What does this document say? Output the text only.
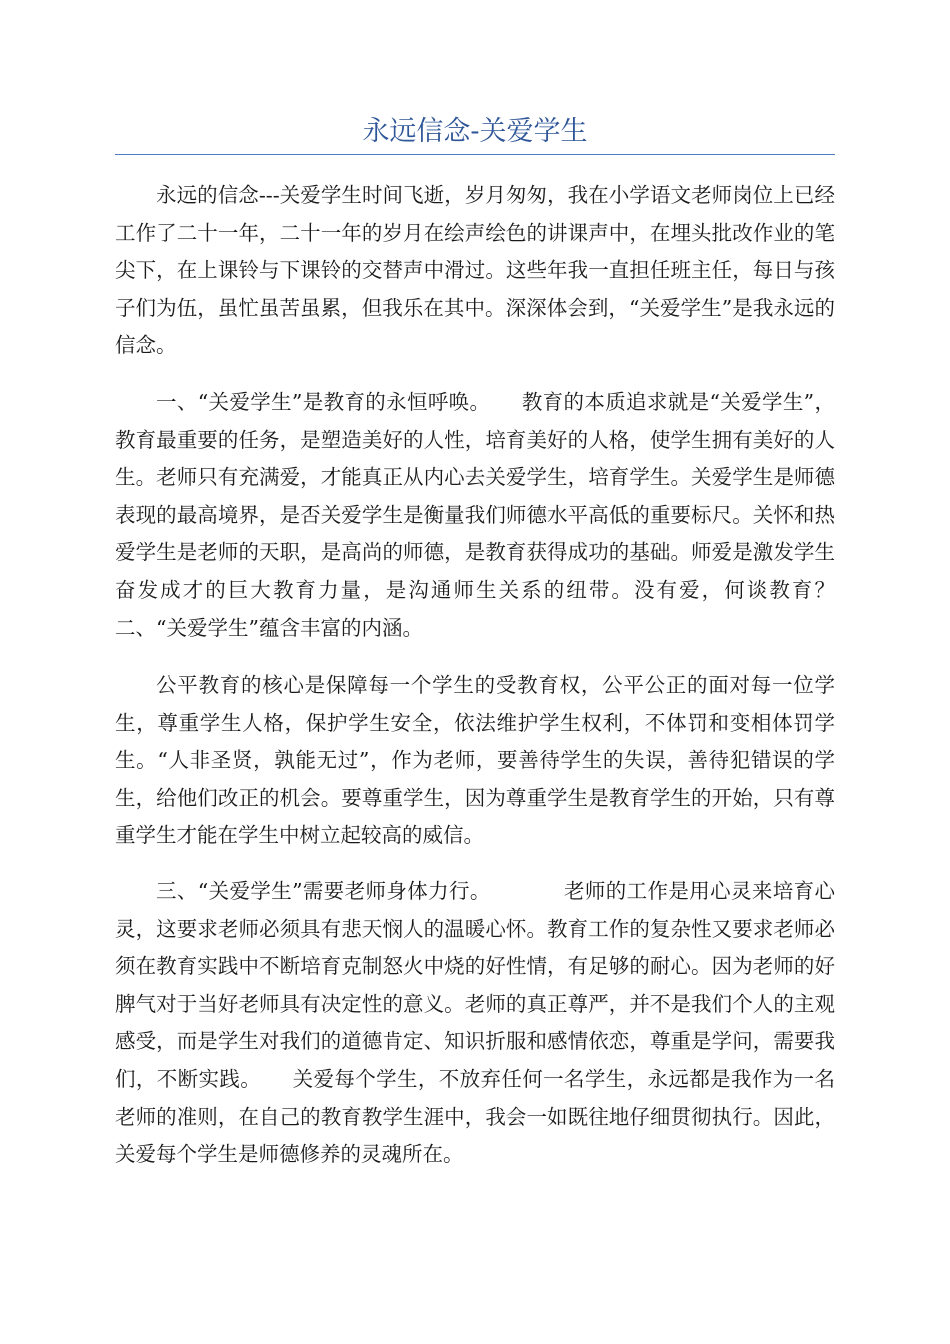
永远信念-关爱学生

永远的信念---关爱学生时间飞逝，岁月匆匆，我在小学语文老师岗位上已经工作了二十一年，二十一年的岁月在绘声绘色的讲课声中，在埋头批改作业的笔尖下，在上课铃与下课铃的交替声中滑过。这些年我一直担任班主任，每日与孩子们为伍，虽忙虽苦虽累，但我乐在其中。深深体会到，“关爱学生”是我永远的信念。

一、“关爱学生”是教育的永恒呼唤。　　教育的本质追求就是“关爱学生”，教育最重要的任务，是塑造美好的人性，培育美好的人格，使学生拥有美好的人生。老师只有充满爱，才能真正从内心去关爱学生，培育学生。关爱学生是师德表现的最高境界，是否关爱学生是衡量我们师德水平高低的重要标尺。关怀和热爱学生是老师的天职，是高尚的师德，是教育获得成功的基础。师爱是激发学生奋发成才的巨大教育力量，是沟通师生关系的纽带。没有爱，何谈教育？二、“关爱学生”蕴含丰富的内涵。

公平教育的核心是保障每一个学生的受教育权，公平公正的面对每一位学生，尊重学生人格，保护学生安全，依法维护学生权利，不体罚和变相体罚学生。“人非圣贤，孰能无过”，作为老师，要善待学生的失误，善待犯错误的学生，给他们改正的机会。要尊重学生，因为尊重学生是教育学生的开始，只有尊重学生才能在学生中树立起较高的威信。

三、“关爱学生”需要老师身体力行。　　　　老师的工作是用心灵来培育心灵，这要求老师必须具有悲天悯人的温暖心怀。教育工作的复杂性又要求老师必须在教育实践中不断培育克制怒火中烧的好性情，有足够的耐心。因为老师的好脾气对于当好老师具有决定性的意义。老师的真正尊严，并不是我们个人的主观感受，而是学生对我们的道德肯定、知识折服和感情依恋，尊重是学问，需要我们，不断实践。　　关爱每个学生，不放弃任何一名学生，永远都是我作为一名老师的准则，在自己的教育教学生涯中，我会一如既往地仔细贯彻执行。因此，关爱每个学生是师德修养的灵魂所在。
